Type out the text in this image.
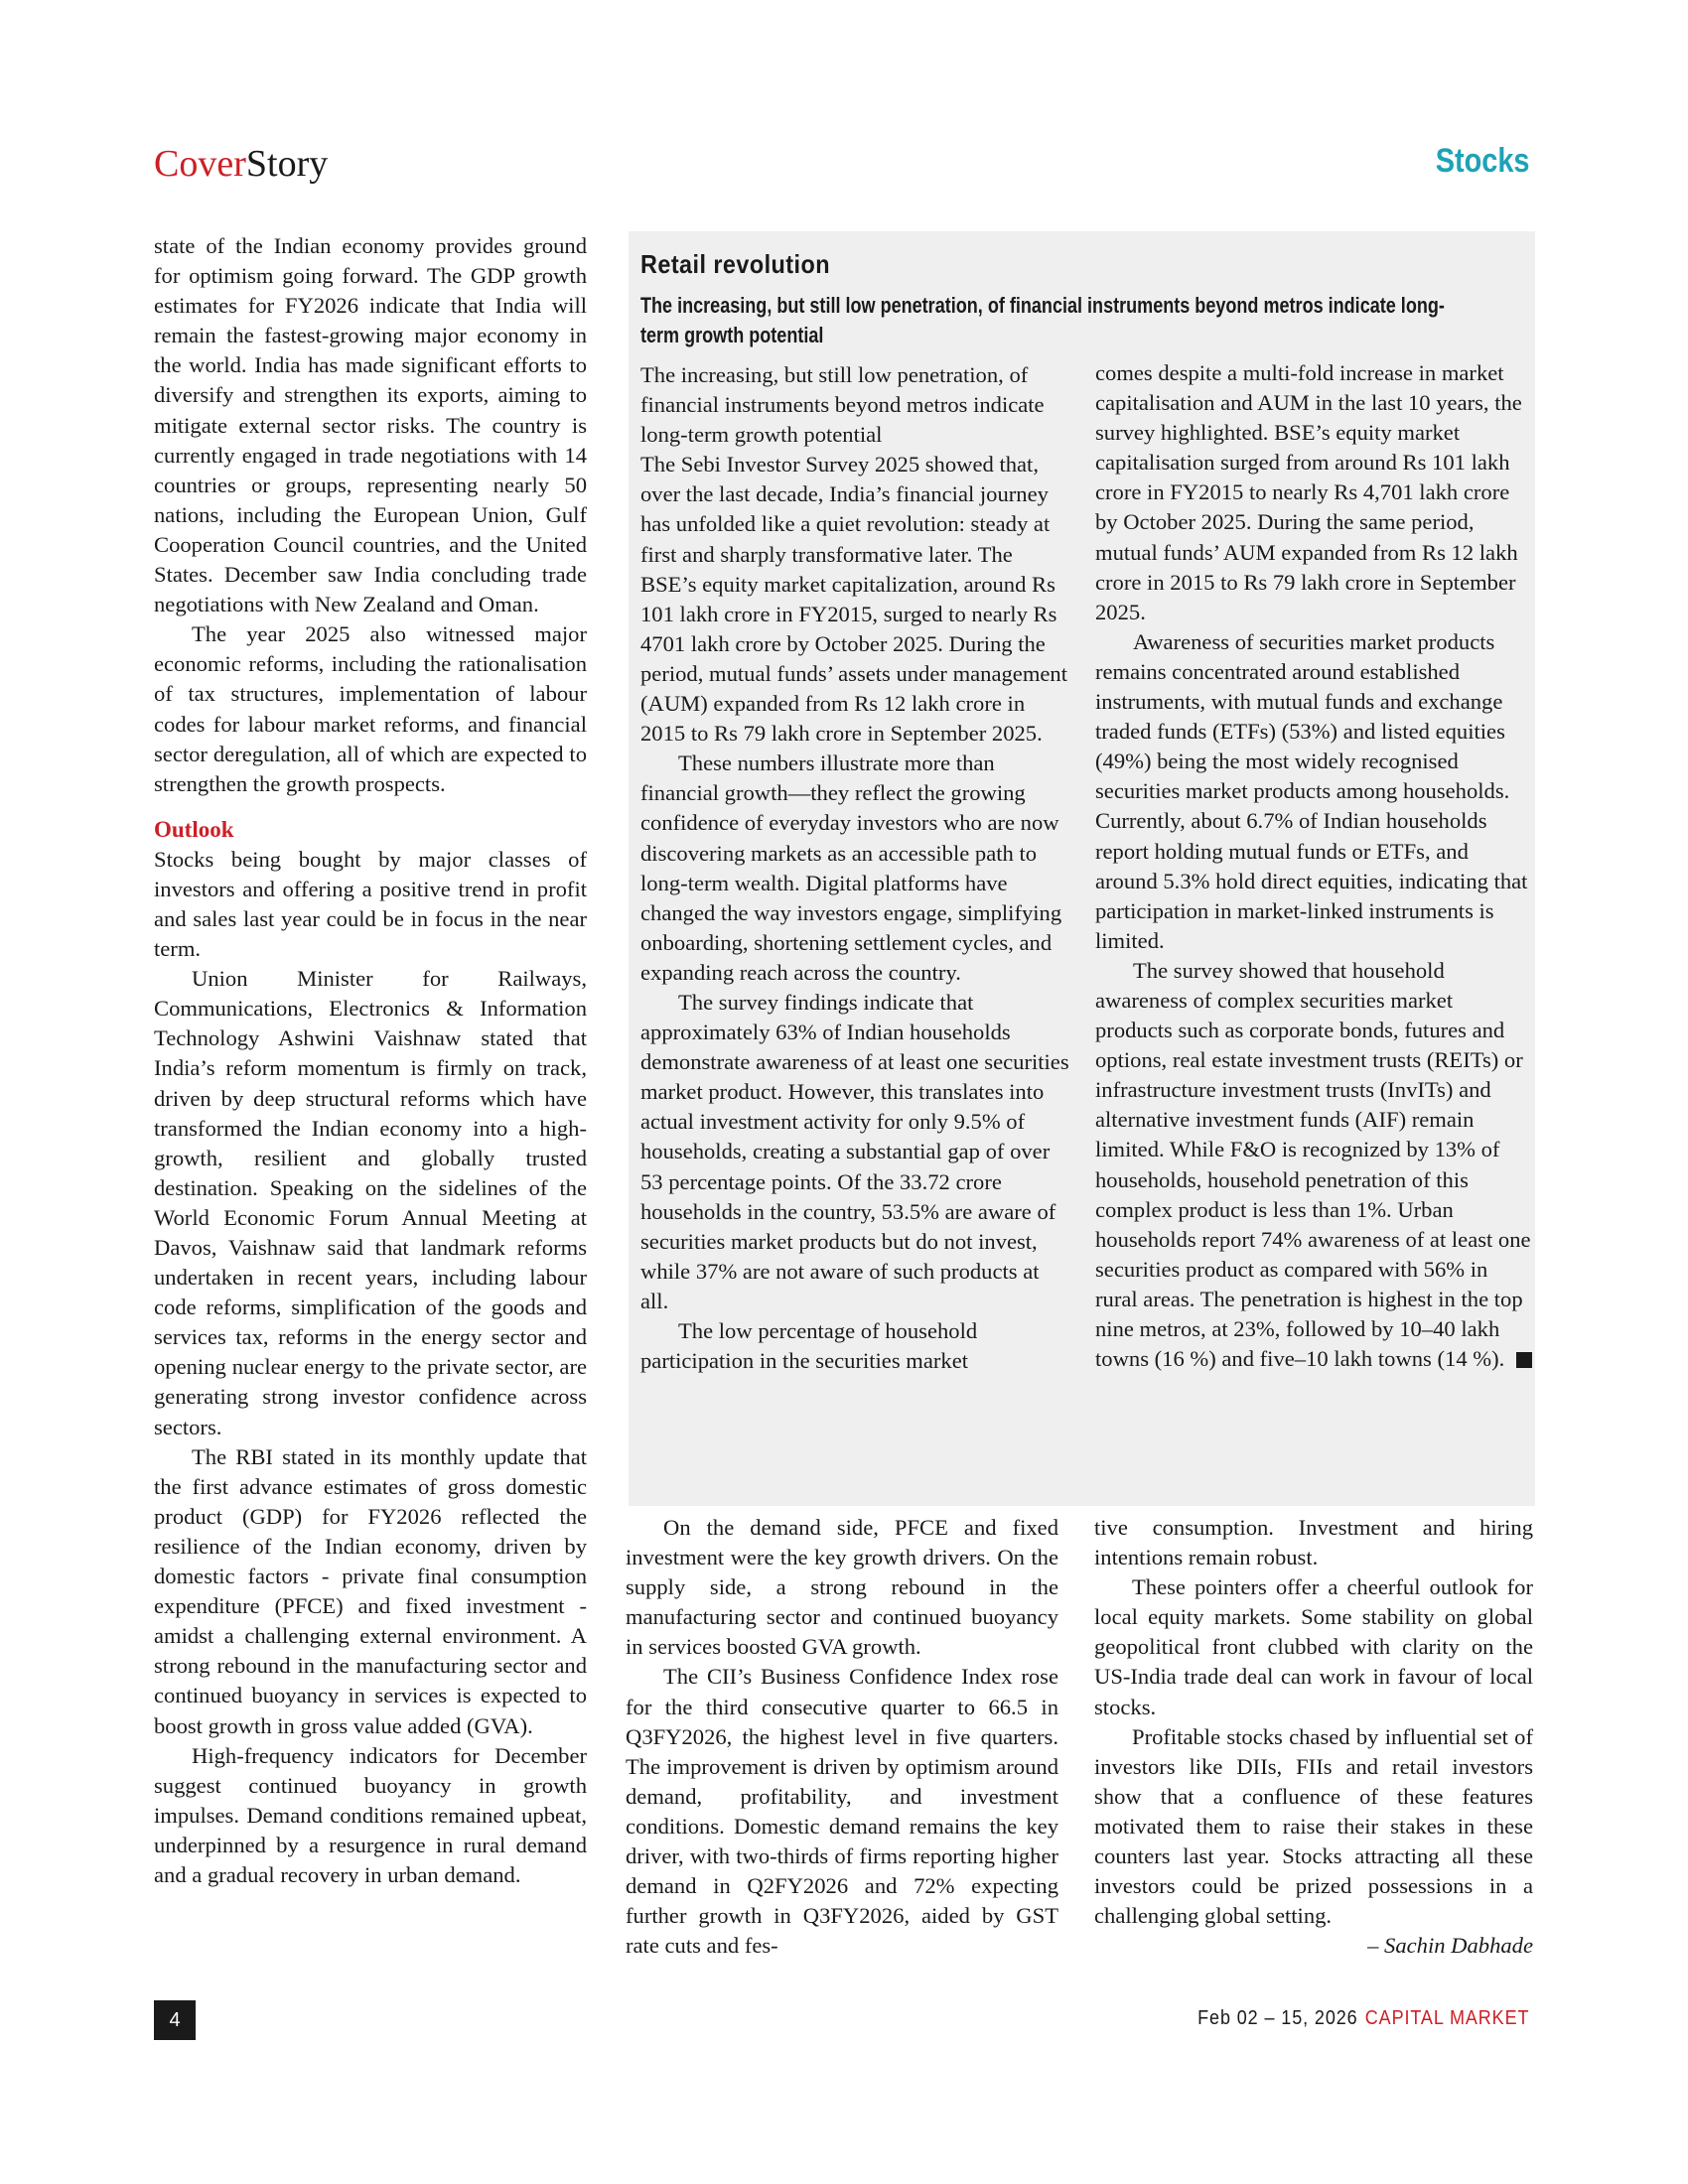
CoverStory	Stocks

state of the Indian economy provides ground for optimism going forward. The GDP growth estimates for FY2026 indicate that India will remain the fastest-growing major economy in the world. India has made significant efforts to diversify and strengthen its exports, aiming to mitigate external sector risks. The country is currently engaged in trade negotiations with 14 countries or groups, representing nearly 50 nations, including the European Union, Gulf Cooperation Council countries, and the United States. December saw India concluding trade negotiations with New Zealand and Oman.

The year 2025 also witnessed major economic reforms, including the rationalisation of tax structures, implementation of labour codes for labour market reforms, and financial sector deregulation, all of which are expected to strengthen the growth prospects.

Outlook

Stocks being bought by major classes of investors and offering a positive trend in profit and sales last year could be in focus in the near term.

Union Minister for Railways, Communications, Electronics & Information Technology Ashwini Vaishnaw stated that India’s reform momentum is firmly on track, driven by deep structural reforms which have transformed the Indian economy into a high-growth, resilient and globally trusted destination. Speaking on the sidelines of the World Economic Forum Annual Meeting at Davos, Vaishnaw said that landmark reforms undertaken in recent years, including labour code reforms, simplification of the goods and services tax, reforms in the energy sector and opening nuclear energy to the private sector, are generating strong investor confidence across sectors.

The RBI stated in its monthly update that the first advance estimates of gross domestic product (GDP) for FY2026 reflected the resilience of the Indian economy, driven by domestic factors - private final consumption expenditure (PFCE) and fixed investment - amidst a challenging external environment. A strong rebound in the manufacturing sector and continued buoyancy in services is expected to boost growth in gross value added (GVA).

High-frequency indicators for December suggest continued buoyancy in growth impulses. Demand conditions remained upbeat, underpinned by a resurgence in rural demand and a gradual recovery in urban demand.

Retail revolution
The increasing, but still low penetration, of financial instruments beyond metros indicate long-term growth potential

The increasing, but still low penetration, of financial instruments beyond metros indicate long-term growth potential

The Sebi Investor Survey 2025 showed that, over the last decade, India’s financial journey has unfolded like a quiet revolution: steady at first and sharply transformative later. The BSE’s equity market capitalization, around Rs 101 lakh crore in FY2015, surged to nearly Rs 4701 lakh crore by October 2025. During the period, mutual funds’ assets under management (AUM) expanded from Rs 12 lakh crore in 2015 to Rs 79 lakh crore in September 2025.

These numbers illustrate more than financial growth—they reflect the growing confidence of everyday investors who are now discovering markets as an accessible path to long-term wealth. Digital platforms have changed the way investors engage, simplifying onboarding, shortening settlement cycles, and expanding reach across the country.

The survey findings indicate that approximately 63% of Indian households demonstrate awareness of at least one securities market product. However, this translates into actual investment activity for only 9.5% of households, creating a substantial gap of over 53 percentage points. Of the 33.72 crore households in the country, 53.5% are aware of securities market products but do not invest, while 37% are not aware of such products at all.

The low percentage of household participation in the securities market

comes despite a multi-fold increase in market capitalisation and AUM in the last 10 years, the survey highlighted. BSE’s equity market capitalisation surged from around Rs 101 lakh crore in FY2015 to nearly Rs 4,701 lakh crore by October 2025. During the same period, mutual funds’ AUM expanded from Rs 12 lakh crore in 2015 to Rs 79 lakh crore in September 2025.

Awareness of securities market products remains concentrated around established instruments, with mutual funds and exchange traded funds (ETFs) (53%) and listed equities (49%) being the most widely recognised securities market products among households. Currently, about 6.7% of Indian households report holding mutual funds or ETFs, and around 5.3% hold direct equities, indicating that participation in market-linked instruments is limited.

The survey showed that household awareness of complex securities market products such as corporate bonds, futures and options, real estate investment trusts (REITs) or infrastructure investment trusts (InvITs) and alternative investment funds (AIF) remain limited. While F&O is recognized by 13% of households, household penetration of this complex product is less than 1%. Urban households report 74% awareness of at least one securities product as compared with 56% in rural areas. The penetration is highest in the top nine metros, at 23%, followed by 10–40 lakh towns (16 %) and five–10 lakh towns (14 %).

On the demand side, PFCE and fixed investment were the key growth drivers. On the supply side, a strong rebound in the manufacturing sector and continued buoyancy in services boosted GVA growth.

The CII’s Business Confidence Index rose for the third consecutive quarter to 66.5 in Q3FY2026, the highest level in five quarters. The improvement is driven by optimism around demand, profitability, and investment conditions. Domestic demand remains the key driver, with two-thirds of firms reporting higher demand in Q2FY2026 and 72% expecting further growth in Q3FY2026, aided by GST rate cuts and fes-

tive consumption. Investment and hiring intentions remain robust.

These pointers offer a cheerful outlook for local equity markets. Some stability on global geopolitical front clubbed with clarity on the US-India trade deal can work in favour of local stocks.

Profitable stocks chased by influential set of investors like DIIs, FIIs and retail investors show that a confluence of these features motivated them to raise their stakes in these counters last year. Stocks attracting all these investors could be prized possessions in a challenging global setting.

– Sachin Dabhade

4	Feb 02 – 15, 2026 CAPITAL MARKET
